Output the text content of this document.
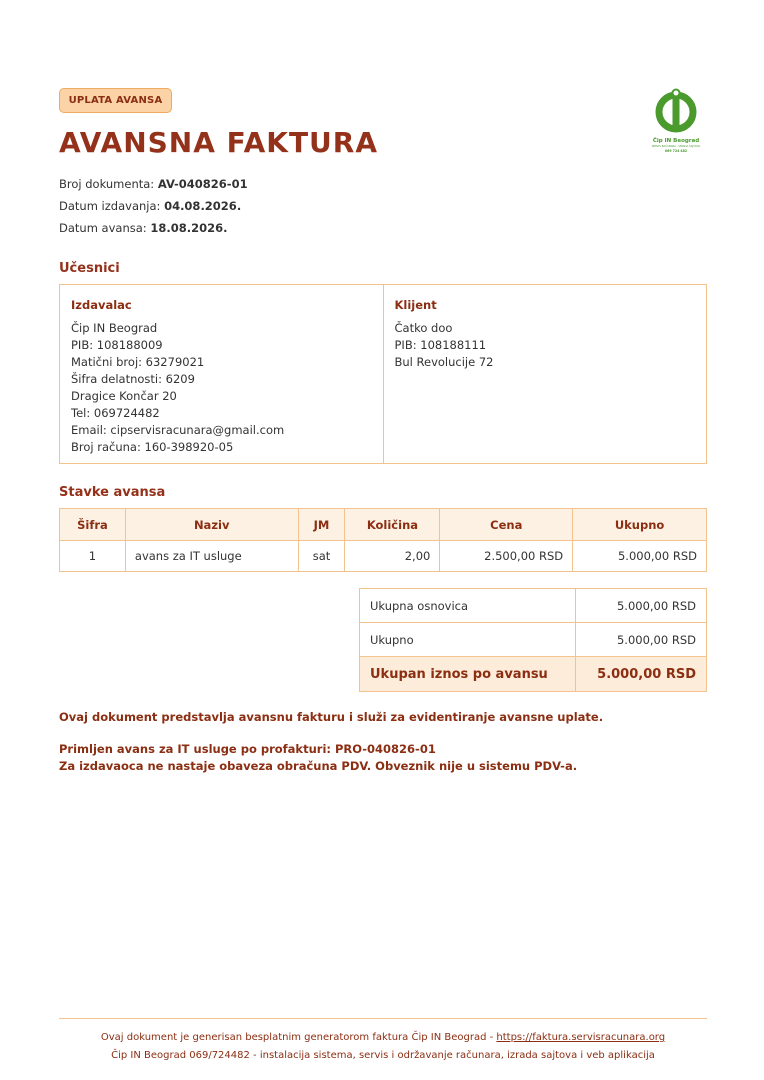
UPLATA AVANSA
AVANSNA FAKTURA	Čip IN Beograd
SERVIS RAČUNARA · IZRADA SAJTOVA
069 724 482
Broj dokumenta: AV-040826-01
Datum izdavanja: 04.08.2026.
Datum avansa: 18.08.2026.
Učesnici
Izdavalac
Čip IN Beograd
PIB: 108188009
Matični broj: 63279021
Šifra delatnosti: 6209
Dragice Končar 20
Tel: 069724482
Email: cipservisracunara@gmail.com
Broj računa: 160-398920-05
Klijent
Čatko doo
PIB: 108188111
Bul Revolucije 72
Stavke avansa
Šifra	Naziv	JM	Količina	Cena	Ukupno
1	avans za IT usluge	sat	2,00	2.500,00 RSD	5.000,00 RSD
Ukupna osnovica	5.000,00 RSD
Ukupno	5.000,00 RSD
Ukupan iznos po avansu	5.000,00 RSD
Ovaj dokument predstavlja avansnu fakturu i služi za evidentiranje avansne uplate.
Primljen avans za IT usluge po profakturi: PRO-040826-01
Za izdavaoca ne nastaje obaveza obračuna PDV. Obveznik nije u sistemu PDV-a.
Ovaj dokument je generisan besplatnim generatorom faktura Čip IN Beograd - https://faktura.servisracunara.org
Čip IN Beograd 069/724482 - instalacija sistema, servis i održavanje računara, izrada sajtova i veb aplikacija
